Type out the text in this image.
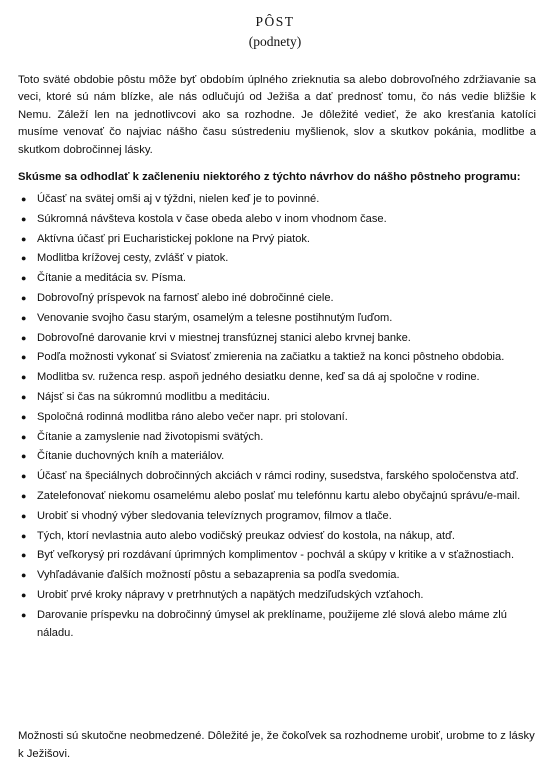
PÔST
(podnety)

Toto sväté obdobie pôstu môže byť obdobím úplného zrieknutia sa alebo dobrovoľného zdržiavanie sa veci, ktoré sú nám blízke, ale nás odlučujú od Ježiša a dať prednosť tomu, čo nás vedie bližšie k Nemu. Záleží len na jednotlivcovi ako sa rozhodne. Je dôležité vedieť, že ako kresťania katolíci musíme venovať čo najviac nášho času sústredeniu myšlienok, slov a skutkov pokánia, modlitbe a skutkom dobročinnej lásky.

Skúsme sa odhodlať k začleneniu niektorého z týchto návrhov do nášho pôstneho programu:

● Účasť na svätej omši aj v týždni, nielen keď je to povinné.
● Súkromná návšteva kostola v čase obeda alebo v inom vhodnom čase.
● Aktívna účasť pri Eucharistickej poklone na Prvý piatok.
● Modlitba krížovej cesty, zvlášť v piatok.
● Čítanie a meditácia sv. Písma.
● Dobrovoľný príspevok na farnosť alebo iné dobročinné ciele.
● Venovanie svojho času starým, osamelým a telesne postihnutým ľuďom.
● Dobrovoľné darovanie krvi v miestnej transfúznej stanici alebo krvnej banke.
● Podľa možnosti vykonať si Sviatosť zmierenia na začiatku a taktiež na konci pôstneho obdobia.
● Modlitba sv. ruženca resp. aspoň jedného desiatku denne, keď sa dá aj spoločne v rodine.
● Nájsť si čas na súkromnú modlitbu a meditáciu.
● Spoločná rodinná modlitba ráno alebo večer napr. pri stolovaní.
● Čítanie a zamyslenie nad životopismi svätých.
● Čítanie duchovných kníh a materiálov.
● Účasť na špeciálnych dobročinných akciách v rámci rodiny, susedstva, farského spoločenstva atď.
● Zatelefonovať niekomu osamelému alebo poslať mu telefónnu kartu alebo obyčajnú správu/e-mail.
● Urobiť si vhodný výber sledovania televíznych programov, filmov a tlače.
● Tých, ktorí nevlastnia auto alebo vodičský preukaz odviesť do kostola, na nákup, atď.
● Byť veľkorysý pri rozdávaní úprimných komplimentov - pochvál a skúpy v kritike a v sťažnostiach.
● Vyhľadávanie ďalších možností pôstu a sebazaprenia sa podľa svedomia.
● Urobiť prvé kroky nápravy v pretrhnutých a napätých medziľudských vzťahoch.
● Darovanie príspevku na dobročinný úmysel ak preklíname, použijeme zlé slová alebo máme zlú náladu.

Možnosti sú skutočne neobmedzené. Dôležité je, že čokoľvek sa rozhodneme urobiť, urobme to z lásky k Ježišovi.
